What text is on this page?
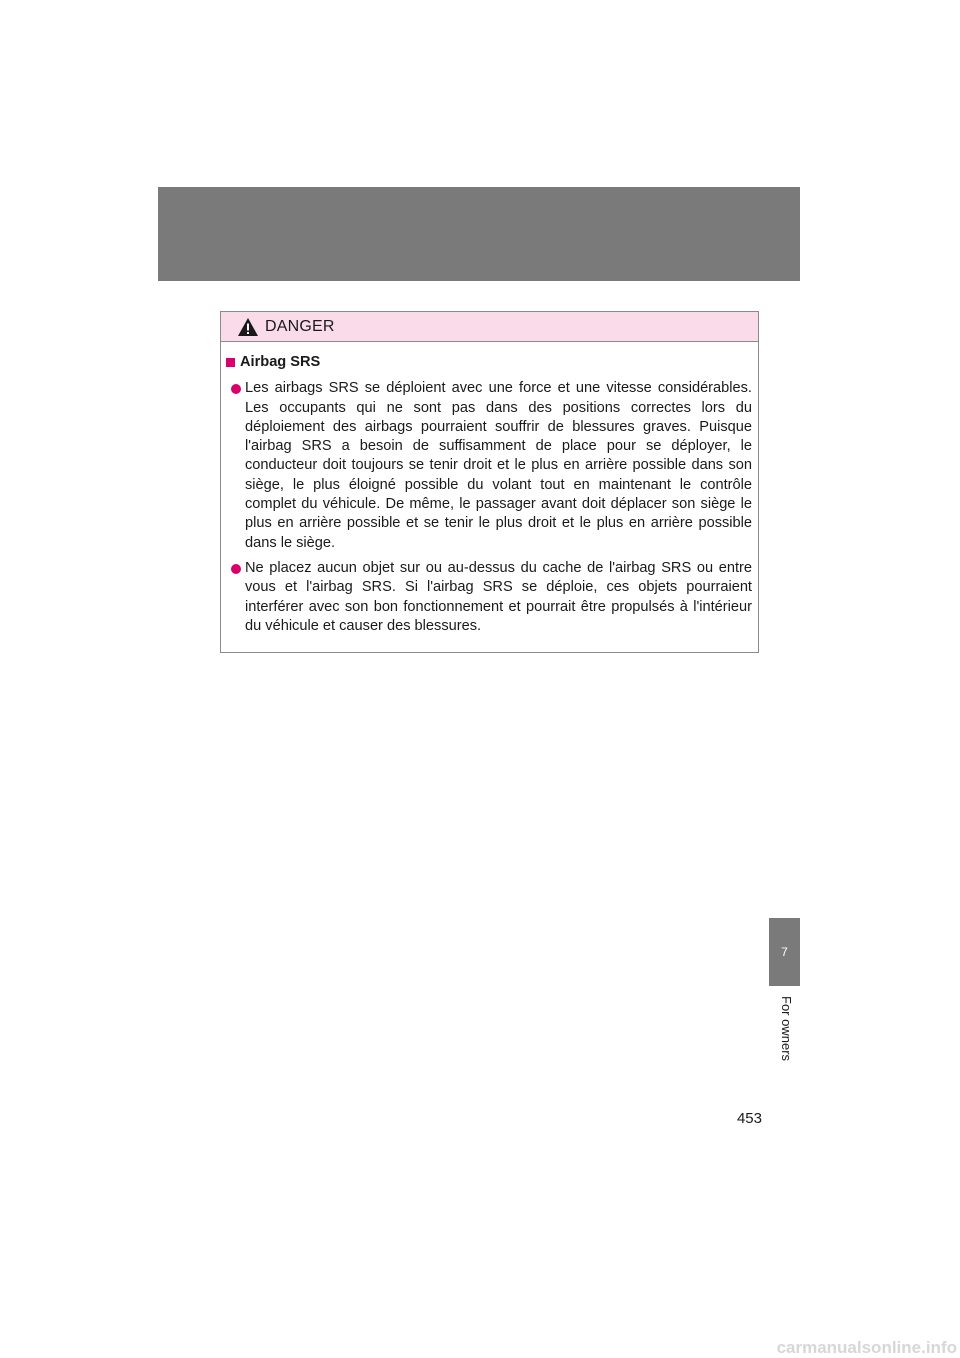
DANGER
Airbag SRS
Les airbags SRS se déploient avec une force et une vitesse considérables. Les occupants qui ne sont pas dans des positions correctes lors du déploiement des airbags pourraient souffrir de blessures graves. Puisque l'airbag SRS a besoin de suffisamment de place pour se déployer, le conducteur doit toujours se tenir droit et le plus en arrière possible dans son siège, le plus éloigné possible du volant tout en maintenant le contrôle complet du véhicule. De même, le passager avant doit déplacer son siège le plus en arrière possible et se tenir le plus droit et le plus en arrière possible dans le siège.
Ne placez aucun objet sur ou au-dessus du cache de l'airbag SRS ou entre vous et l'airbag SRS. Si l'airbag SRS se déploie, ces objets pourraient interférer avec son bon fonctionnement et pourrait être propulsés à l'intérieur du véhicule et causer des blessures.
7
For owners
453
carmanualsonline.info
